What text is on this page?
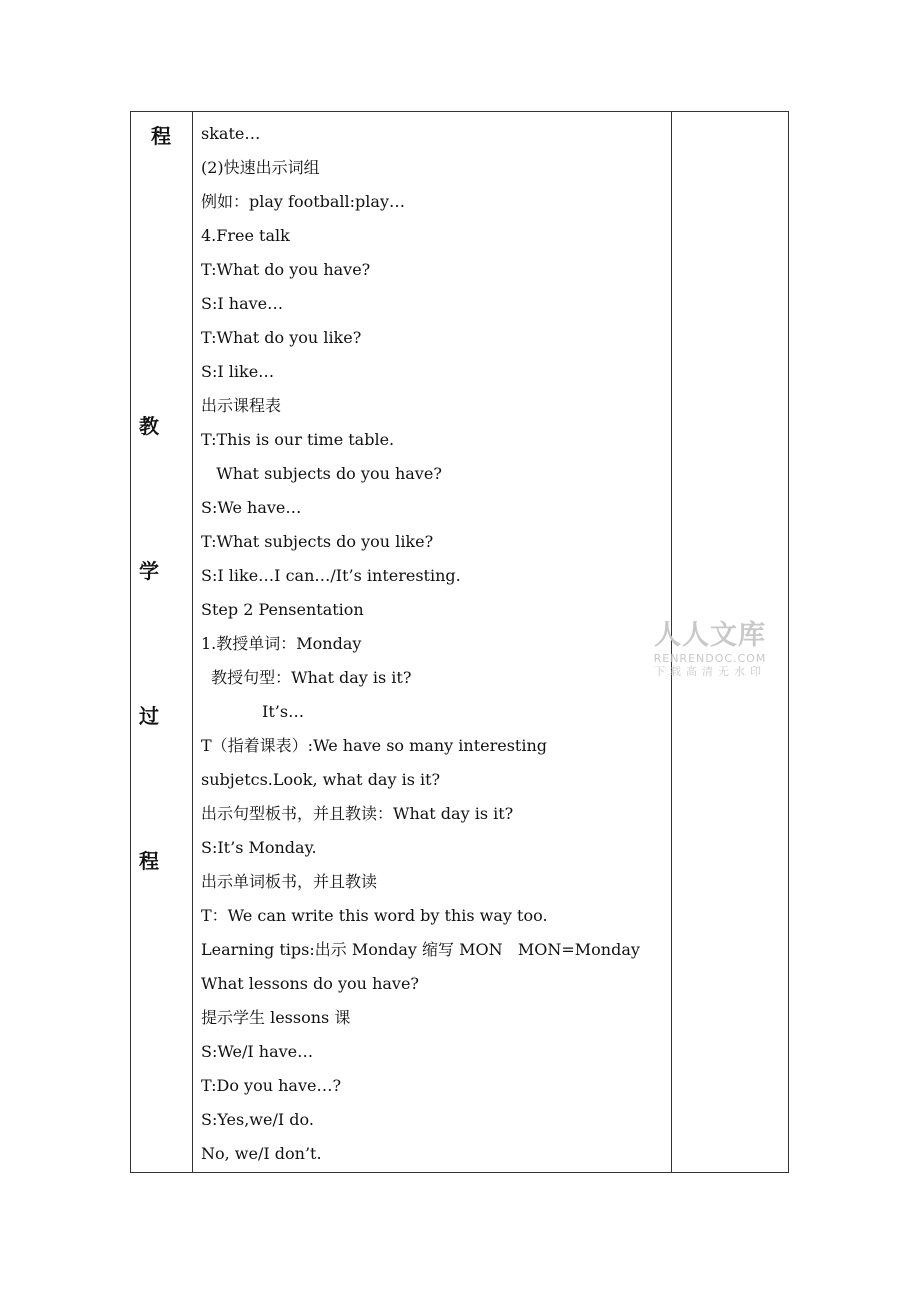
程
教
学
过
程
skate…
(2)快速出示词组
例如：play football:play…
4.Free talk
T:What do you have?
S:I have…
T:What do you like?
S:I like…
出示课程表
T:This is our time table.
What subjects do you have?
S:We have…
T:What subjects do you like?
S:I like…I can…/It’s interesting.
Step 2 Pensentation
1.教授单词：Monday
教授句型：What day is it?
It’s…
T（指着课表）:We have so many interesting
subjetcs.Look, what day is it?
出示句型板书，并且教读：What day is it?
S:It’s Monday.
出示单词板书，并且教读
T：We can write this word by this way too.
Learning tips:出示 Monday 缩写 MON   MON=Monday
What lessons do you have?
提示学生 lessons 课
S:We/I have…
T:Do you have…?
S:Yes,we/I do.
No, we/I don’t.
人人文库
RENRENDOC.COM
下载高清无水印
